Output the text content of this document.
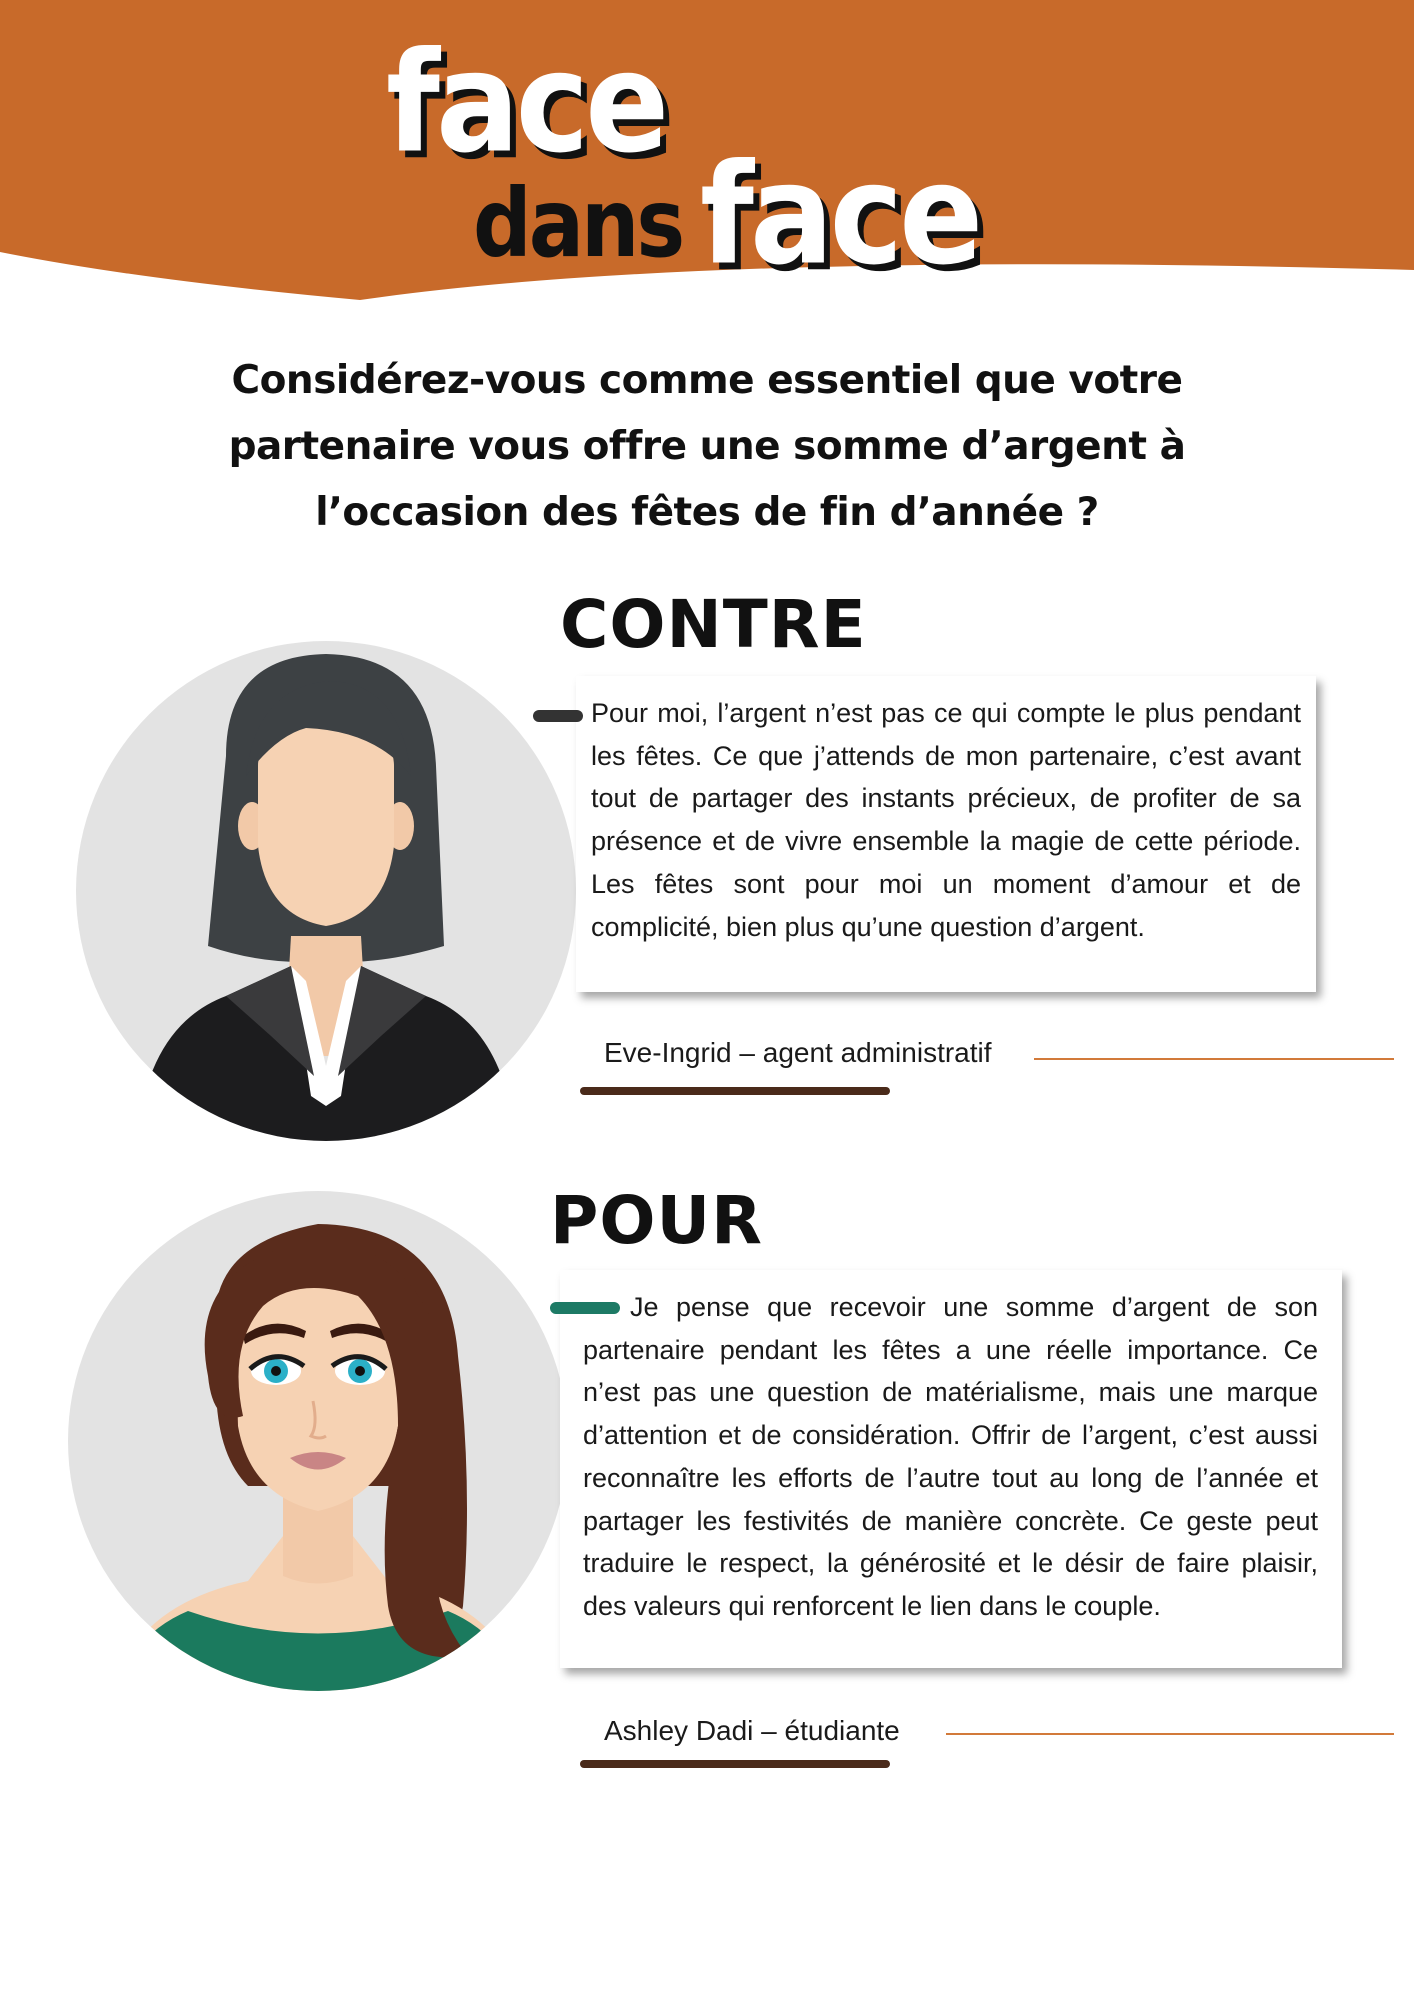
face
dans face
Considérez-vous comme essentiel que votre partenaire vous offre une somme d’argent à l’occasion des fêtes de fin d’année ?
CONTRE
Pour moi, l’argent n’est pas ce qui compte le plus pendant les fêtes. Ce que j’attends de mon partenaire, c’est avant tout de partager des instants précieux, de profiter de sa présence et de vivre ensemble la magie de cette période. Les fêtes sont pour moi un moment d’amour et de complicité, bien plus qu’une question d’argent.
Eve-Ingrid – agent administratif
POUR
Je pense que recevoir une somme d’argent de son partenaire pendant les fêtes a une réelle importance. Ce n’est pas une question de matérialisme, mais une marque d’attention et de considération. Offrir de l’argent, c’est aussi reconnaître les efforts de l’autre tout au long de l’année et partager les festivités de manière concrète. Ce geste peut traduire le respect, la générosité et le désir de faire plaisir, des valeurs qui renforcent le lien dans le couple.
Ashley Dadi – étudiante
